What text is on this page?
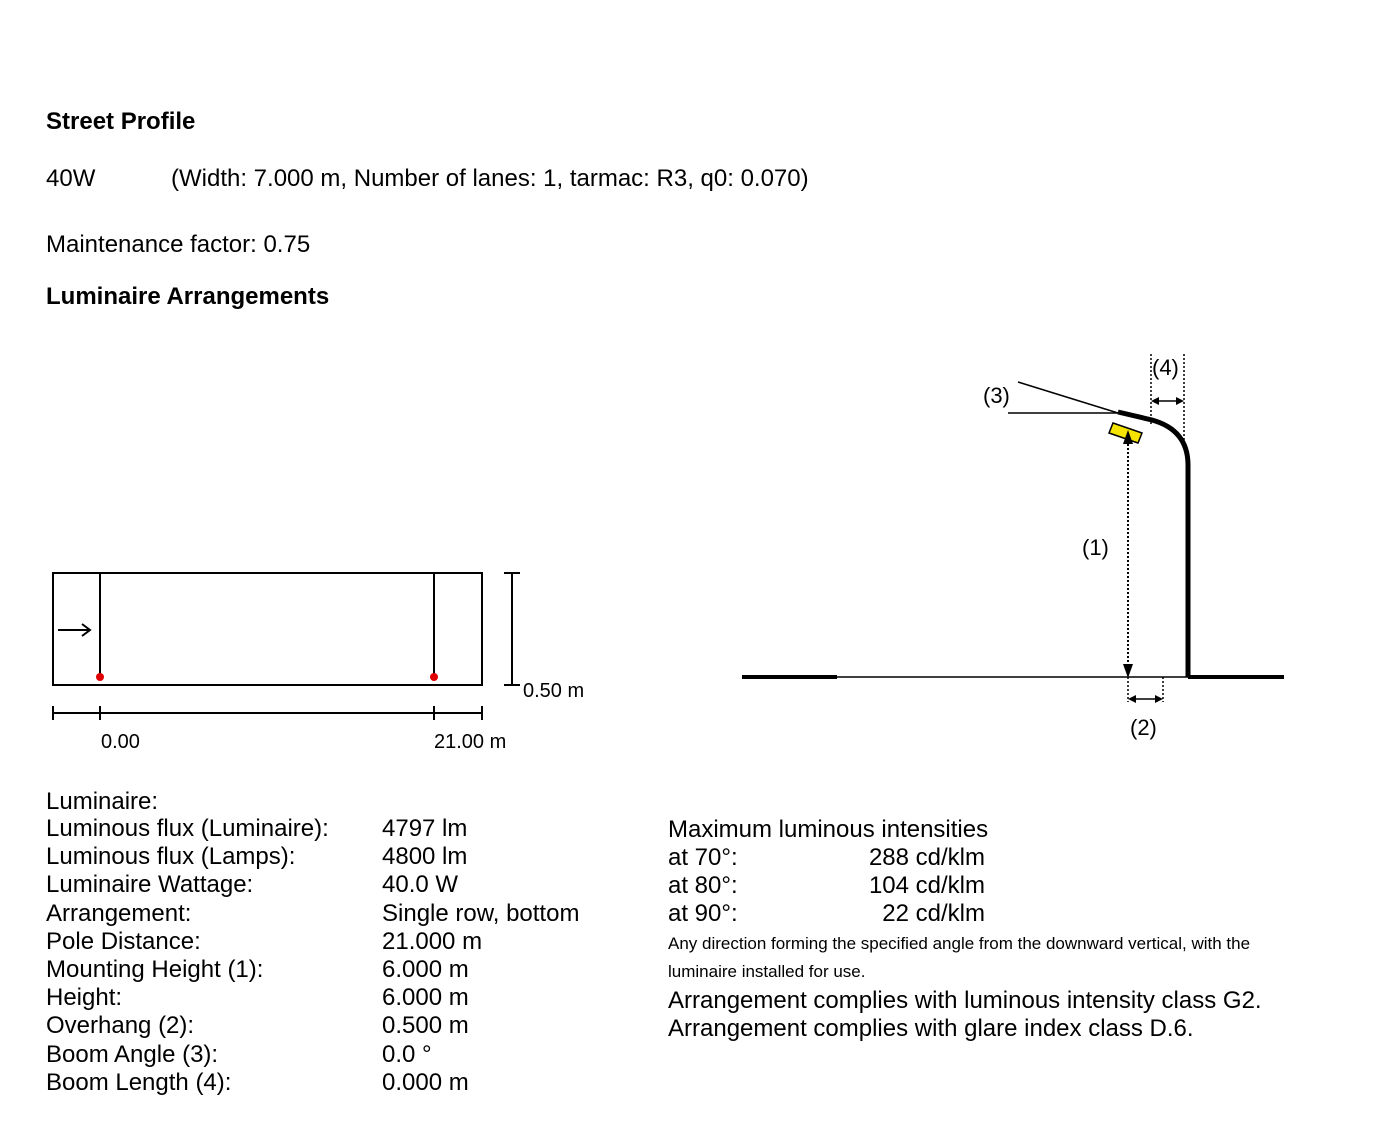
Street Profile
40W	(Width: 7.000 m, Number of lanes: 1, tarmac: R3, q0: 0.070)
Maintenance factor: 0.75
Luminaire Arrangements
0.50 m
0.00	21.00 m
(3)
(1)
(2)
(4)
Luminaire:
Luminous flux (Luminaire): 4797 lm
Luminous flux (Lamps):	4800 lm
Luminaire Wattage:	40.0 W
Arrangement:	Single row, bottom
Pole Distance:	21.000 m
Mounting Height (1):	6.000 m
Height:	6.000 m
Overhang (2):	0.500 m
Boom Angle (3):	0.0 °
Boom Length (4):	0.000 m
Maximum luminous intensities
at 70°:	288 cd/klm
at 80°:	104 cd/klm
at 90°:	22 cd/klm
Any direction forming the specified angle from the downward vertical, with the
luminaire installed for use.
Arrangement complies with luminous intensity class G2.
Arrangement complies with glare index class D.6.
